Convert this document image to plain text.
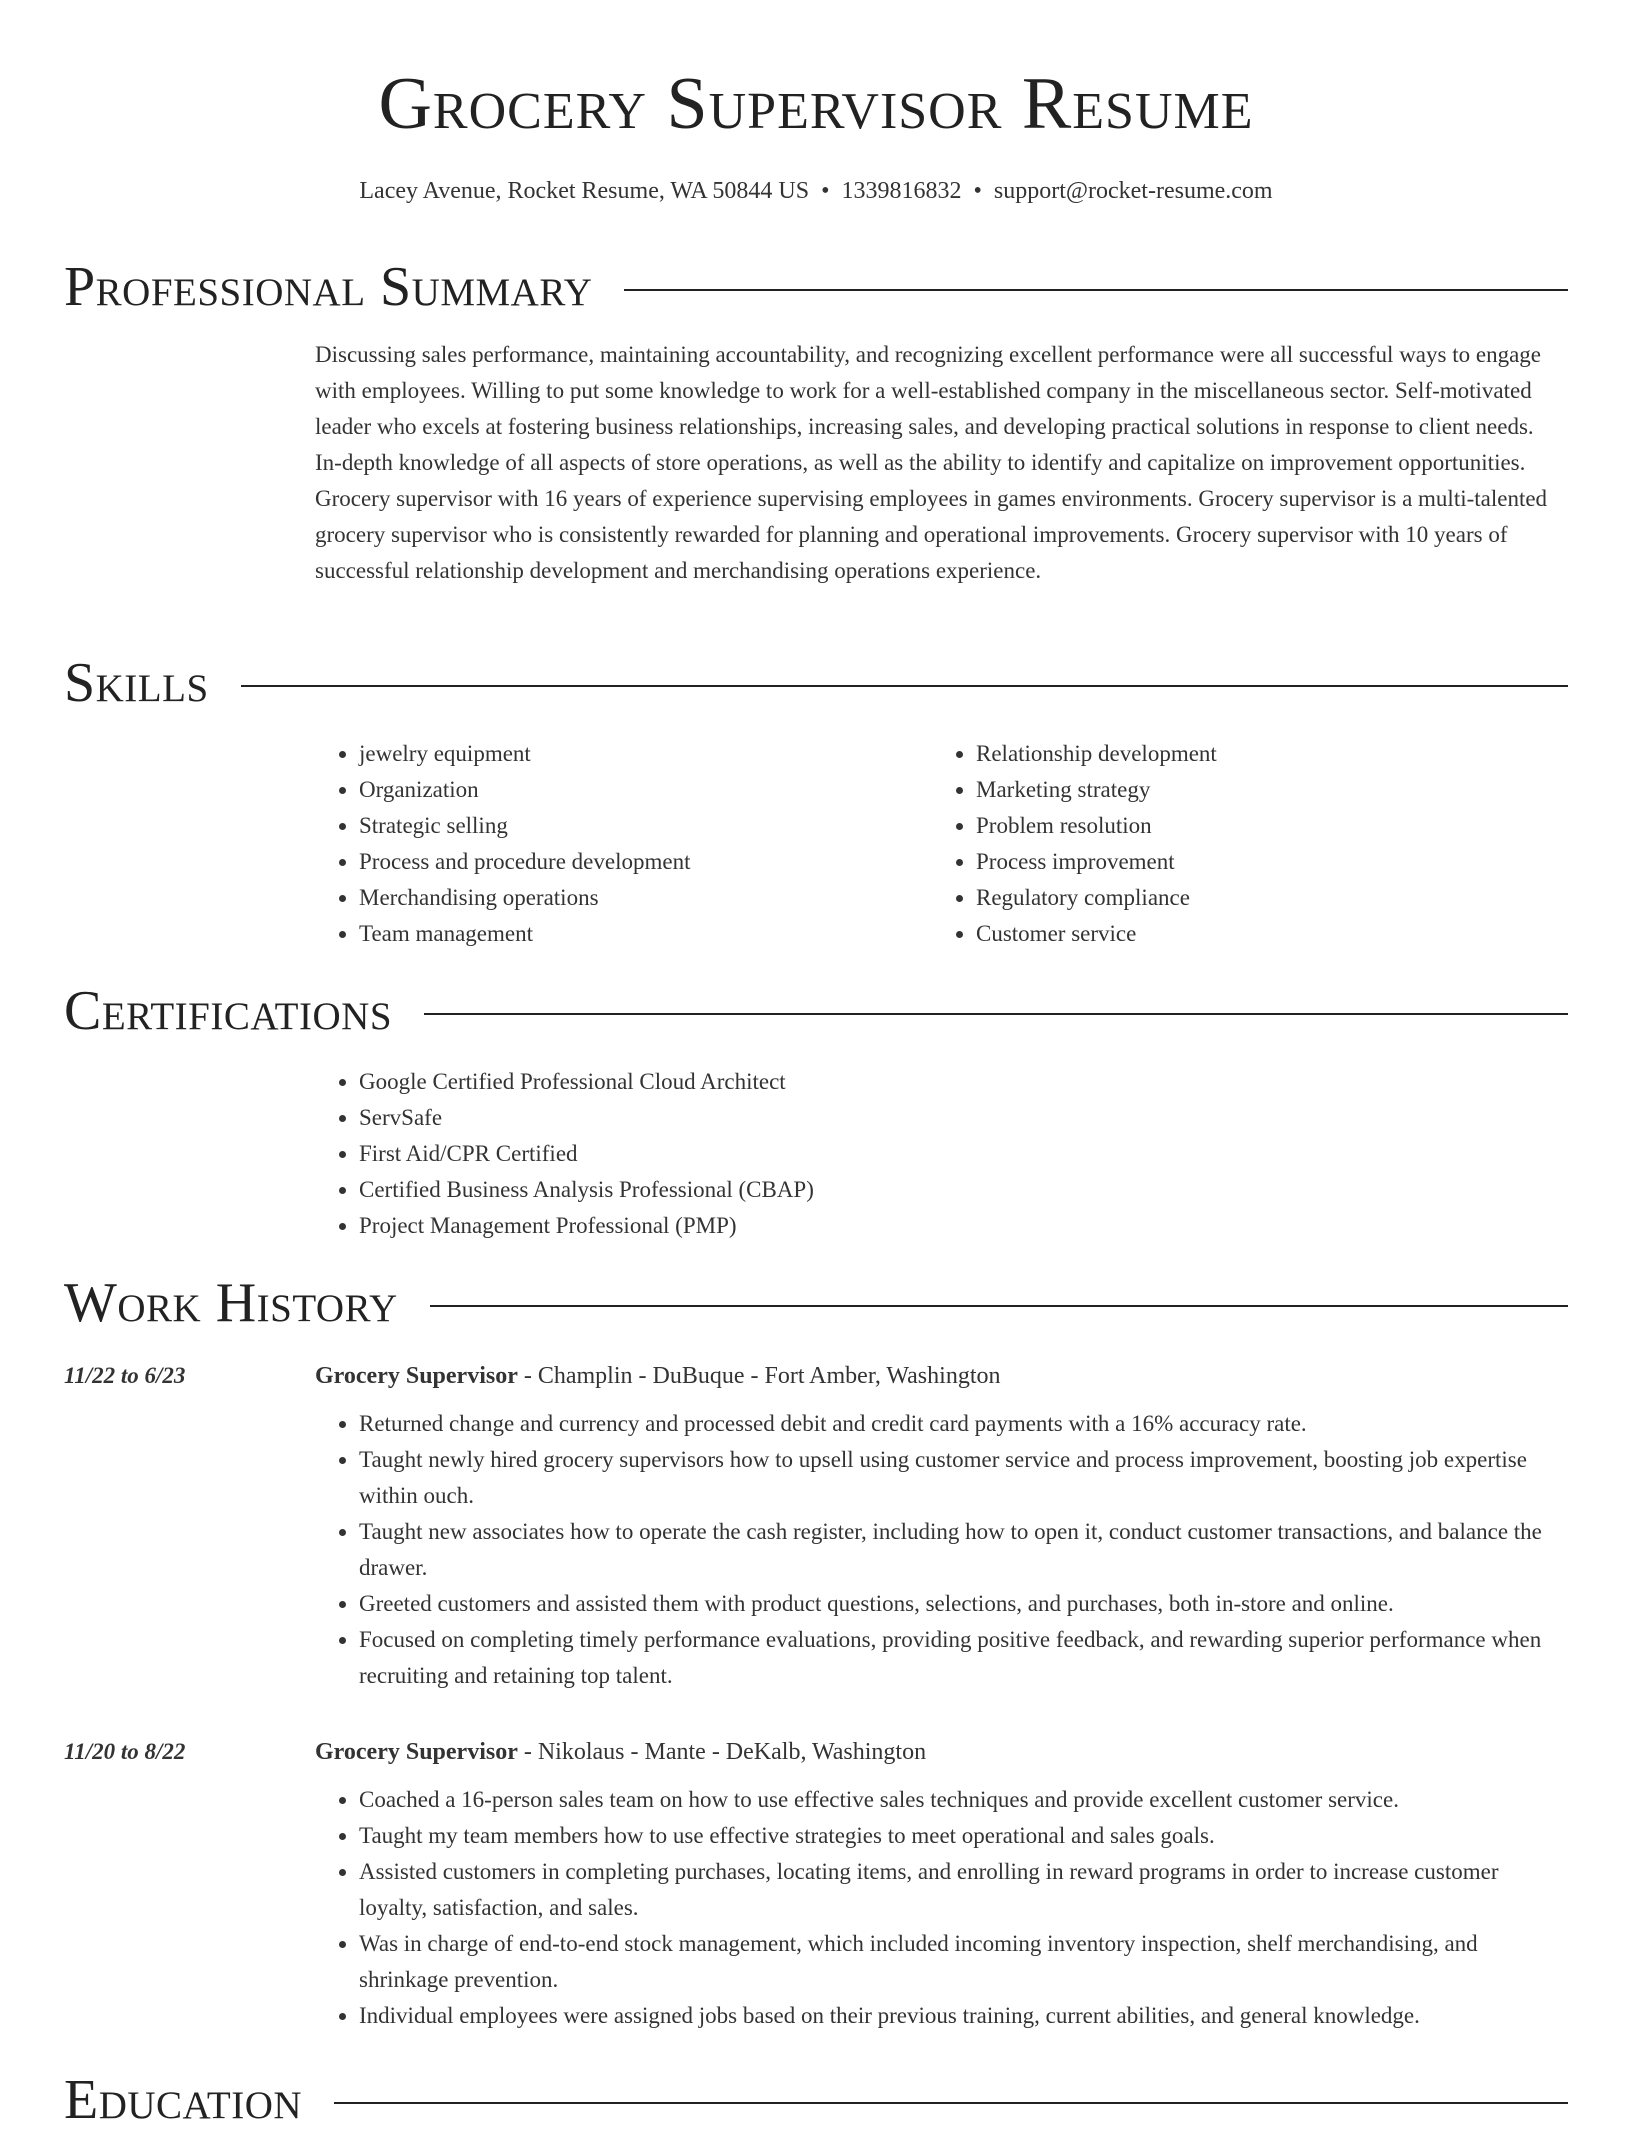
Grocery Supervisor Resume
Lacey Avenue, Rocket Resume, WA 50844 US • 1339816832 • support@rocket-resume.com
Professional Summary

Discussing sales performance, maintaining accountability, and recognizing excellent performance were all successful ways to engage with employees. Willing to put some knowledge to work for a well-established company in the miscellaneous sector. Self-motivated leader who excels at fostering business relationships, increasing sales, and developing practical solutions in response to client needs. In-depth knowledge of all aspects of store operations, as well as the ability to identify and capitalize on improvement opportunities. Grocery supervisor with 16 years of experience supervising employees in games environments. Grocery supervisor is a multi-talented grocery supervisor who is consistently rewarded for planning and operational improvements. Grocery supervisor with 10 years of successful relationship development and merchandising operations experience.

Skills
• jewelry equipment
• Organization
• Strategic selling
• Process and procedure development
• Merchandising operations
• Team management
• Relationship development
• Marketing strategy
• Problem resolution
• Process improvement
• Regulatory compliance
• Customer service
Certifications
• Google Certified Professional Cloud Architect
• ServSafe
• First Aid/CPR Certified
• Certified Business Analysis Professional (CBAP)
• Project Management Professional (PMP)
Work History
11/22 to 6/23	Grocery Supervisor - Champlin - DuBuque - Fort Amber, Washington
• Returned change and currency and processed debit and credit card payments with a 16% accuracy rate.
• Taught newly hired grocery supervisors how to upsell using customer service and process improvement, boosting job expertise within ouch.
• Taught new associates how to operate the cash register, including how to open it, conduct customer transactions, and balance the drawer.
• Greeted customers and assisted them with product questions, selections, and purchases, both in-store and online.
• Focused on completing timely performance evaluations, providing positive feedback, and rewarding superior performance when recruiting and retaining top talent.
11/20 to 8/22	Grocery Supervisor - Nikolaus - Mante - DeKalb, Washington
• Coached a 16-person sales team on how to use effective sales techniques and provide excellent customer service.
• Taught my team members how to use effective strategies to meet operational and sales goals.
• Assisted customers in completing purchases, locating items, and enrolling in reward programs in order to increase customer loyalty, satisfaction, and sales.
• Was in charge of end-to-end stock management, which included incoming inventory inspection, shelf merchandising, and shrinkage prevention.
• Individual employees were assigned jobs based on their previous training, current abilities, and general knowledge.
Education
